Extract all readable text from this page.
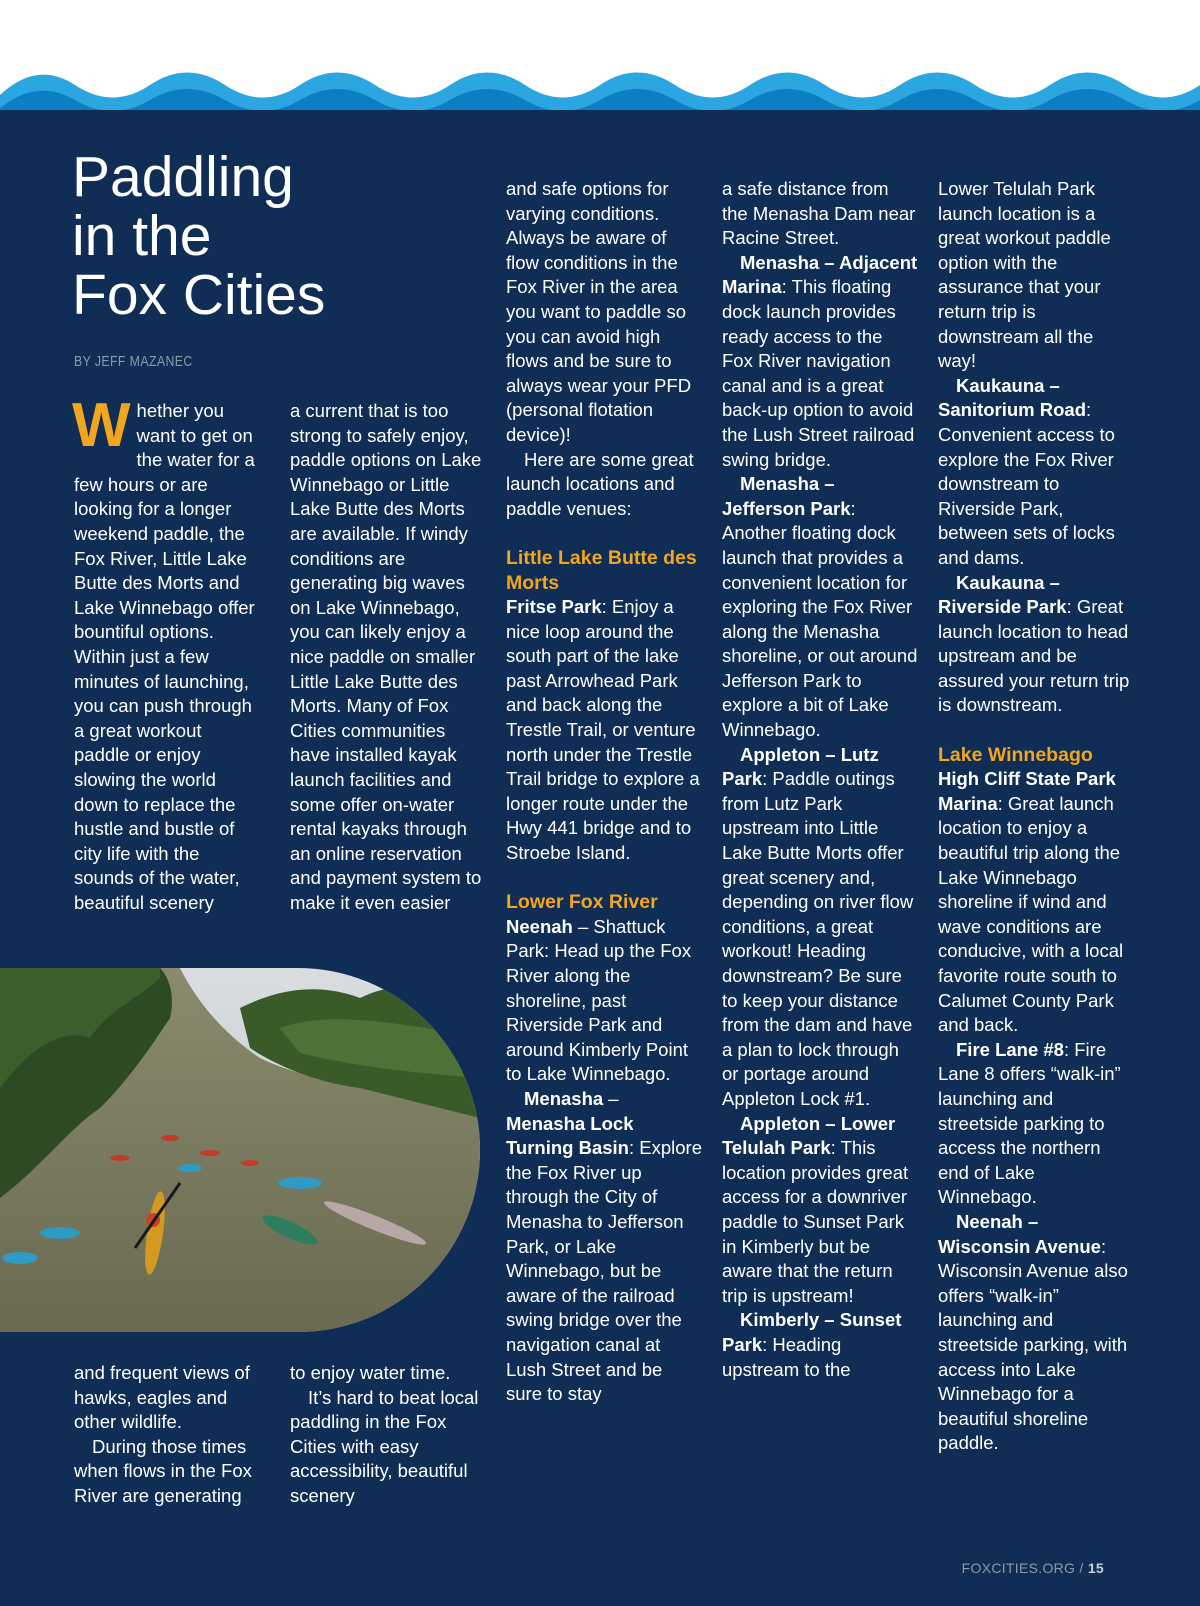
Paddling
in the
Fox Cities
BY JEFF MAZANEC

Whether you want to get on the water for a few hours or are looking for a longer weekend paddle, the Fox River, Little Lake Butte des Morts and Lake Winnebago offer bountiful options. Within just a few minutes of launching, you can push through a great workout paddle or enjoy slowing the world down to replace the hustle and bustle of city life with the sounds of the water, beautiful scenery

a current that is too strong to safely enjoy, paddle options on Lake Winnebago or Little Lake Butte des Morts are available. If windy conditions are generating big waves on Lake Winnebago, you can likely enjoy a nice paddle on smaller Little Lake Butte des Morts. Many of Fox Cities communities have installed kayak launch facilities and some offer on-water rental kayaks through an online reservation and payment system to make it even easier

and frequent views of hawks, eagles and other wildlife.

During those times when flows in the Fox River are generating

to enjoy water time.

It’s hard to beat local paddling in the Fox Cities with easy accessibility, beautiful scenery

and safe options for varying conditions. Always be aware of flow conditions in the Fox River in the area you want to paddle so you can avoid high flows and be sure to always wear your PFD (personal flotation device)!

Here are some great launch locations and paddle venues:

Little Lake Butte des Morts

Fritse Park: Enjoy a nice loop around the south part of the lake past Arrowhead Park and back along the Trestle Trail, or venture north under the Trestle Trail bridge to explore a longer route under the Hwy 441 bridge and to Stroebe Island.

Lower Fox River

Neenah – Shattuck Park: Head up the Fox River along the shoreline, past Riverside Park and around Kimberly Point to Lake Winnebago.

Menasha – Menasha Lock Turning Basin: Explore the Fox River up through the City of Menasha to Jefferson Park, or Lake Winnebago, but be aware of the railroad swing bridge over the navigation canal at Lush Street and be sure to stay

a safe distance from the Menasha Dam near Racine Street.

Menasha – Adjacent Marina: This floating dock launch provides ready access to the Fox River navigation canal and is a great back-up option to avoid the Lush Street railroad swing bridge.

Menasha – Jefferson Park: Another floating dock launch that provides a convenient location for exploring the Fox River along the Menasha shoreline, or out around Jefferson Park to explore a bit of Lake Winnebago.

Appleton – Lutz Park: Paddle outings from Lutz Park upstream into Little Lake Butte Morts offer great scenery and, depending on river flow conditions, a great workout! Heading downstream? Be sure to keep your distance from the dam and have a plan to lock through or portage around Appleton Lock #1.

Appleton – Lower Telulah Park: This location provides great access for a downriver paddle to Sunset Park in Kimberly but be aware that the return trip is upstream!

Kimberly – Sunset Park: Heading upstream to the

Lower Telulah Park launch location is a great workout paddle option with the assurance that your return trip is downstream all the way!

Kaukauna – Sanitorium Road: Convenient access to explore the Fox River downstream to Riverside Park, between sets of locks and dams.

Kaukauna – Riverside Park: Great launch location to head upstream and be assured your return trip is downstream.

Lake Winnebago

High Cliff State Park Marina: Great launch location to enjoy a beautiful trip along the Lake Winnebago shoreline if wind and wave conditions are conducive, with a local favorite route south to Calumet County Park and back.

Fire Lane #8: Fire Lane 8 offers “walk-in” launching and streetside parking to access the northern end of Lake Winnebago.

Neenah – Wisconsin Avenue: Wisconsin Avenue also offers “walk-in” launching and streetside parking, with access into Lake Winnebago for a beautiful shoreline paddle.

FOXCITIES.ORG / 15
